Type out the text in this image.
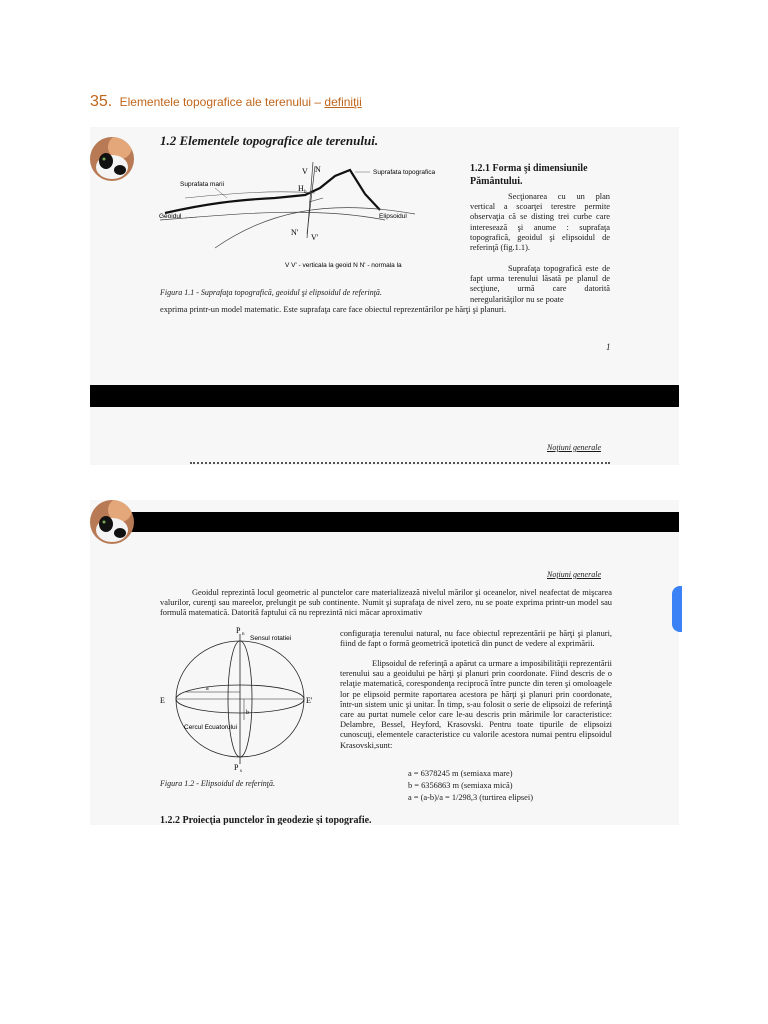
35. Elementele topografice ale terenului – definiţii
1.2 Elementele topografice ale terenului.
V N
H b
Suprafata topografica
Suprafata marii
Geoidul	Elipsoidul
N'
V'
V V' - verticala la geoid N N' - normala la
1.2.1 Forma şi dimensiunile
Pământului.
Secţionarea cu un plan vertical a scoarţei terestre permite observaţia că se disting trei curbe care interesează şi anume : suprafaţa topografică, geoidul şi elipsoidul de referinţă (fig.1.1).
Suprafaţa topografică este de fapt urma terenului lăsată pe planul de secţiune, urmă care datorită neregularităţilor nu se poate
Figura 1.1 - Suprafaţa topografică, geoidul şi elipsoidul de referinţă.
exprima printr-un model matematic. Este suprafaţa care face obiectul reprezentărilor pe hărţi şi planuri.
1
Noţiuni generale
Noţiuni generale
Geoidul reprezintă locul geometric al punctelor care materializează nivelul mărilor şi oceanelor, nivel neafectat de mişcarea valurilor, curenţi sau mareelor, prelungit pe sub continente. Numit şi suprafaţa de nivel zero, nu se poate exprima printr-un model sau formulă matematică. Datorită faptului că nu reprezintă nici măcar aproximativ
P n
Sensul rotatiei
E	E'
a
b
Cercul Ecuatorului
P s
configuraţia terenului natural, nu face obiectul reprezentării pe hărţi şi planuri, fiind de fapt o formă geometrică ipotetică din punct de vedere al exprimării.
Elipsoidul de referinţă a apărut ca urmare a imposibilităţii reprezentării terenului sau a geoidului pe hărţi şi planuri prin coordonate. Fiind descris de o relaţie matematică, corespondenţa reciprocă între puncte din teren şi omoloagele lor pe elipsoid permite raportarea acestora pe hărţi şi planuri prin coordonate, într-un sistem unic şi unitar. În timp, s-au folosit o serie de elipsoizi de referinţă care au purtat numele celor care le-au descris prin mărimile lor caracteristice: Delambre, Bessel, Heyford, Krasovski. Pentru toate tipurile de elipsoizi cunoscuţi, elementele caracteristice cu valorile acestora numai pentru elipsoidul Krasovski,sunt:
a = 6378245 m (semiaxa mare)
b = 6356863 m (semiaxa mică)
a = (a-b)/a = 1/298,3 (turtirea elipsei)
Figura 1.2 - Elipsoidul de referinţă.
1.2.2 Proiecţia punctelor în geodezie şi topografie.
